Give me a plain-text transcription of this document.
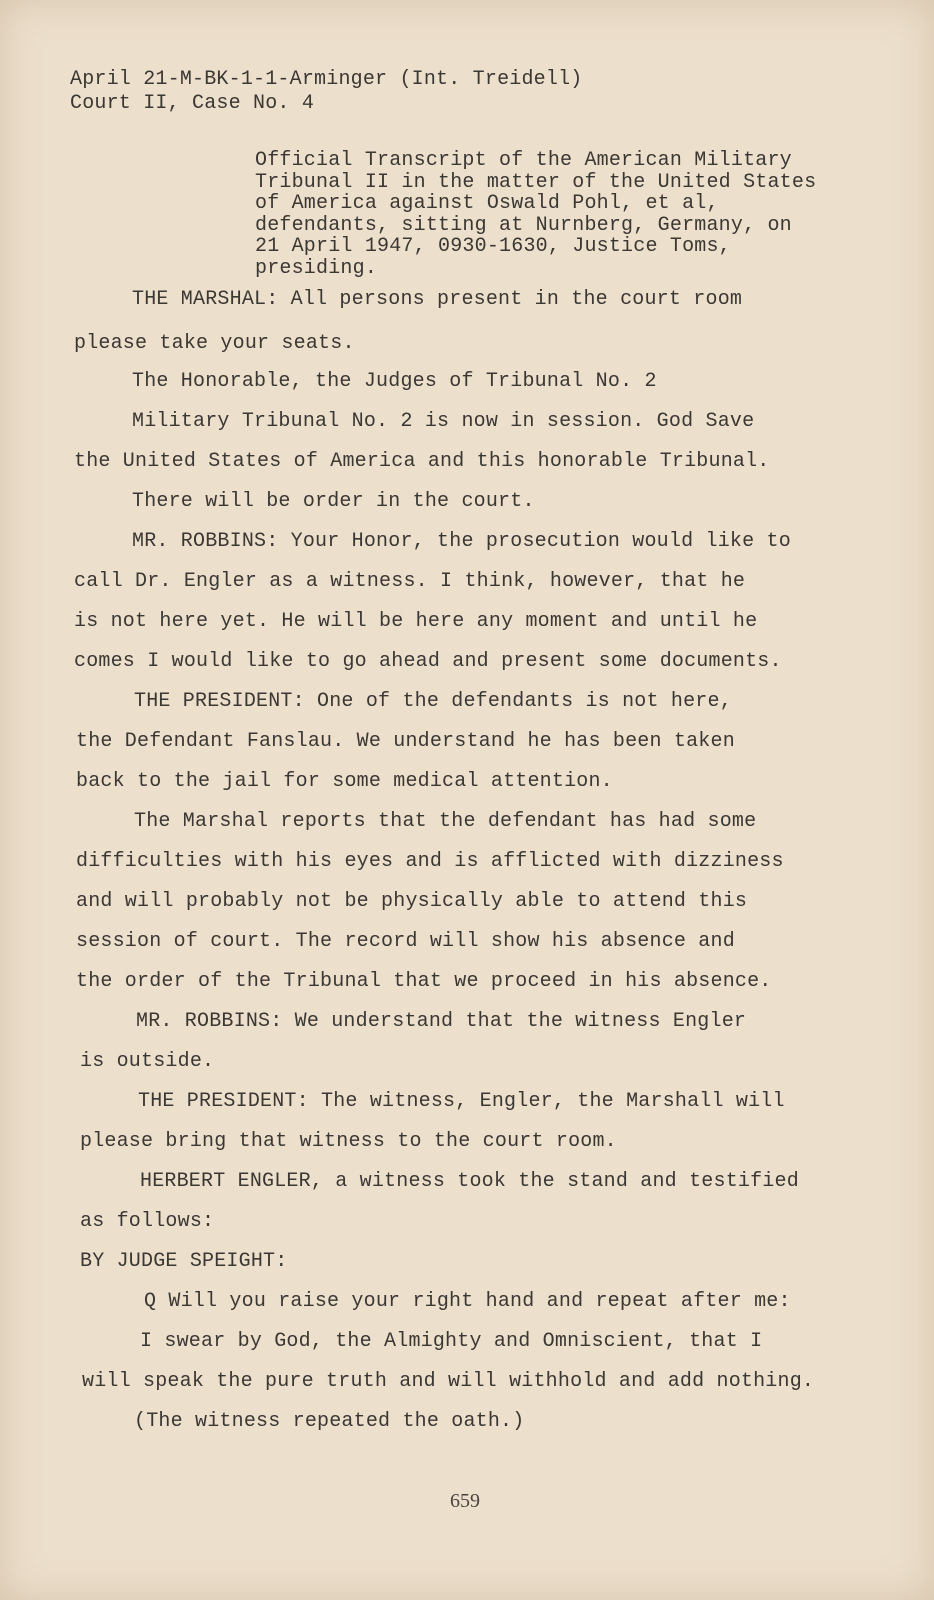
April 21-M-BK-1-1-Arminger (Int. Treidell)
Court II, Case No. 4
Official Transcript of the American Military
Tribunal II in the matter of the United States
of America against Oswald Pohl, et al,
defendants, sitting at Nurnberg, Germany, on
21 April 1947, 0930-1630, Justice Toms,
presiding.

THE MARSHAL: All persons present in the court room

please take your seats.

The Honorable, the Judges of Tribunal No. 2

Military Tribunal No. 2 is now in session. God Save

the United States of America and this honorable Tribunal.

There will be order in the court.

MR. ROBBINS: Your Honor, the prosecution would like to

call Dr. Engler as a witness. I think, however, that he

is not here yet. He will be here any moment and until he

comes I would like to go ahead and present some documents.

THE PRESIDENT: One of the defendants is not here,

the Defendant Fanslau. We understand he has been taken

back to the jail for some medical attention.

The Marshal reports that the defendant has had some

difficulties with his eyes and is afflicted with dizziness

and will probably not be physically able to attend this

session of court. The record will show his absence and

the order of the Tribunal that we proceed in his absence.

MR. ROBBINS: We understand that the witness Engler

is outside.

THE PRESIDENT: The witness, Engler, the Marshall will

please bring that witness to the court room.

HERBERT ENGLER, a witness took the stand and testified

as follows:

BY JUDGE SPEIGHT:

Q Will you raise your right hand and repeat after me:

I swear by God, the Almighty and Omniscient, that I

will speak the pure truth and will withhold and add nothing.

(The witness repeated the oath.)

659
